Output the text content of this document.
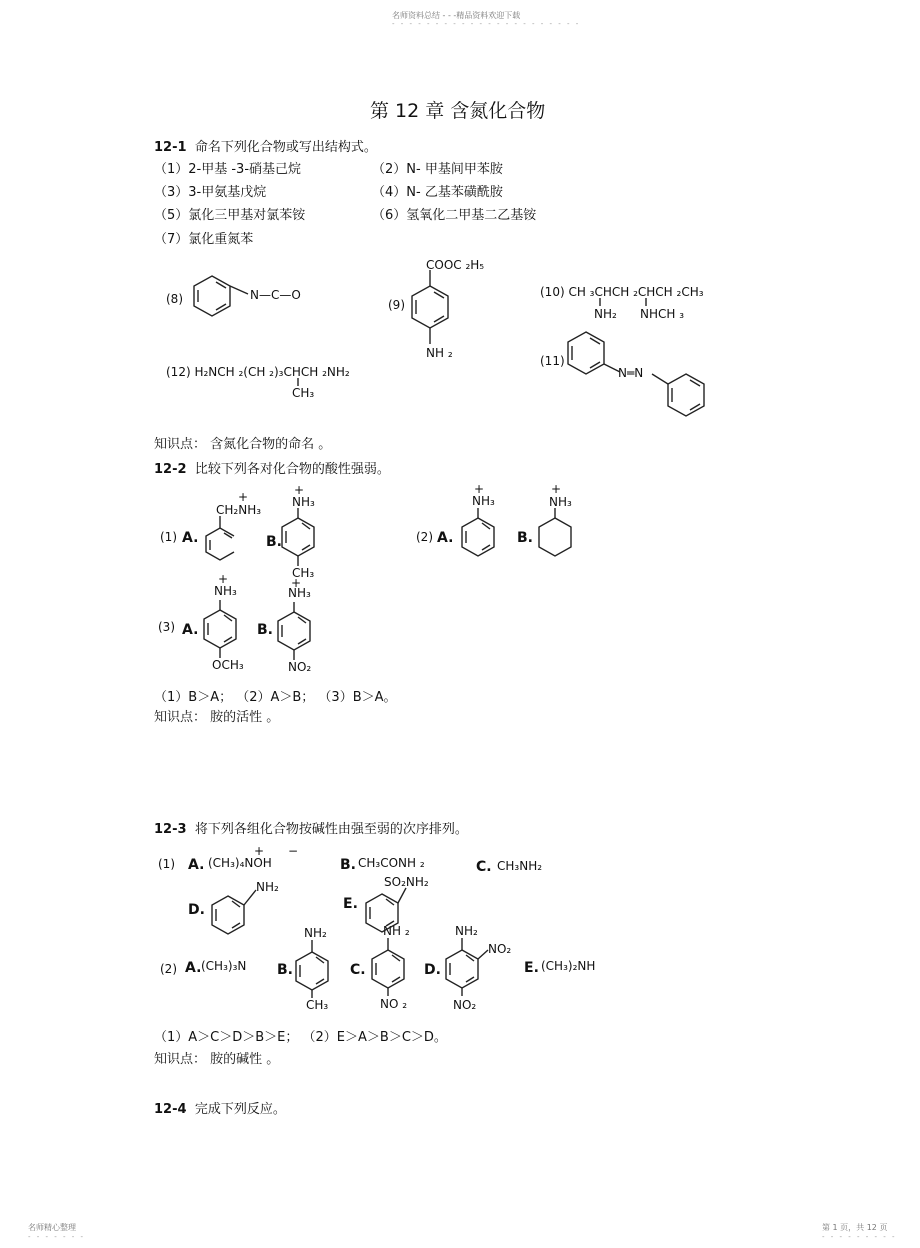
名师资料总结 - - -精品资料欢迎下载
- - - - - - - - - - - - - - - - - - - - - -
第 12 章 含氮化合物
12-1 命名下列化合物或写出结构式。
（1）2-甲基 -3-硝基己烷	（2）N- 甲基间甲苯胺
（3）3-甲氨基戊烷	（4）N- 乙基苯磺酰胺
（5）氯化三甲基对氯苯铵	（6）氢氧化二甲基二乙基铵
（7）氯化重氮苯
(8)	N—C—O
(9)
COOC ₂H₅
NH ₂
(10) CH ₃CHCH ₂CHCH ₂CH₃
NH₂ NHCH ₃
(11)
N═N
(12) H₂NCH ₂(CH ₂)₃CHCH ₂NH₂
CH₃
知识点： 含氮化合物的命名 。
12-2 比较下列各对化合物的酸性强弱。
(1) A.
+
CH₂NH₃
B.
+
NH₃
CH₃
(2) A.
+
NH₃
B.
+
NH₃
+
NH₃
+
NH₃
(3) A.	B.
OCH₃	NO₂
（1）B＞A； （2）A＞B； （3）B＞A。
知识点： 胺的活性 。
12-3 将下列各组化合物按碱性由强至弱的次序排列。
(1) A.
+ −
(CH₃)₄NOH	B. CH₃CONH ₂	C. CH₃NH₂
D.
NH₂
E.
SO₂NH₂
(2) A. (CH₃)₃N B.
NH₂
CH₃
C.
NH ₂
NO ₂
D.
NH₂
NO₂
NO₂
E. (CH₃)₂NH
（1）A＞C＞D＞B＞E； （2）E＞A＞B＞C＞D。
知识点： 胺的碱性 。
12-4 完成下列反应。
名师精心整理
- - - - - - -
第 1 页，共 12 页
- - - - - - - - -
